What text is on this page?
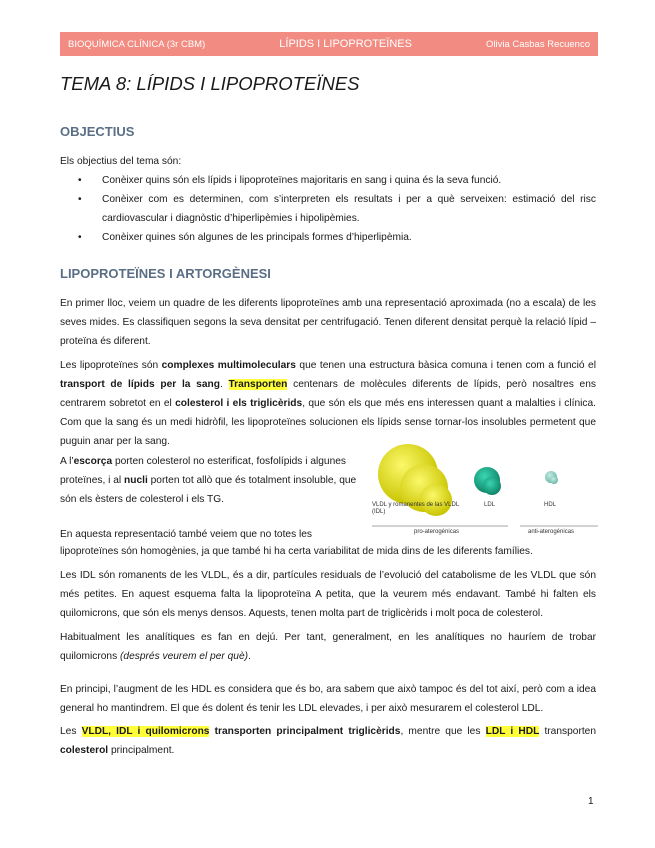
BIOQUÍMICA CLÍNICA (3r CBM)	LÍPIDS I LIPOPROTEÏNES	Olivia Casbas Recuenco
TEMA 8: LÍPIDS I LIPOPROTEÏNES
OBJECTIUS

Els objectius del tema són:

• Conèixer quins són els lípids i lipoproteïnes majoritaris en sang i quina és la seva funció.
• Conèixer com es determinen, com s’interpreten els resultats i per a què serveixen: estimació del risc cardiovascular i diagnòstic d’hiperlipèmies i hipolipèmies.
• Conèixer quines són algunes de les principals formes d’hiperlipèmia.
LIPOPROTEÏNES I ARTORGÈNESI

En primer lloc, veiem un quadre de les diferents lipoproteïnes amb una representació aproximada (no a escala) de les seves mides. Es classifiquen segons la seva densitat per centrifugació. Tenen diferent densitat perquè la relació lípid – proteïna és diferent.

Les lipoproteïnes són complexes multimoleculars que tenen una estructura bàsica comuna i tenen com a funció el transport de lípids per la sang. Transporten centenars de molècules diferents de lípids, però nosaltres ens centrarem sobretot en el colesterol i els triglicèrids, que són els que més ens interessen quant a malalties i clínica. Com que la sang és un medi hidròfil, les lipoproteïnes solucionen els lípids sense tornar-los insolubles permetent que puguin anar per la sang.

A l’escorça porten colesterol no esterificat, fosfolípids i algunes proteïnes, i al nucli porten tot allò que és totalment insoluble, que són els èsters de colesterol i els TG.	VLDL y romanentes de las VLDL (IDL)
LDL	HDL
pro-aterogénicas	anti-aterogénicas

En aquesta representació també veiem que no totes les

lipoproteïnes són homogènies, ja que també hi ha certa variabilitat de mida dins de les diferents famílies.

Les IDL són romanents de les VLDL, és a dir, partícules residuals de l’evolució del catabolisme de les VLDL que són més petites. En aquest esquema falta la lipoproteïna A petita, que la veurem més endavant. També hi falten els quilomicrons, que són els menys densos. Aquests, tenen molta part de triglicèrids i molt poca de colesterol.

Habitualment les analítiques es fan en dejú. Per tant, generalment, en les analítiques no hauríem de trobar quilomicrons (després veurem el per què).

En principi, l’augment de les HDL es considera que és bo, ara sabem que això tampoc és del tot així, però com a idea general ho mantindrem. El que és dolent és tenir les LDL elevades, i per això mesurarem el colesterol LDL.

Les VLDL, IDL i quilomicrons transporten principalment triglicèrids, mentre que les LDL i HDL transporten colesterol principalment.

1
